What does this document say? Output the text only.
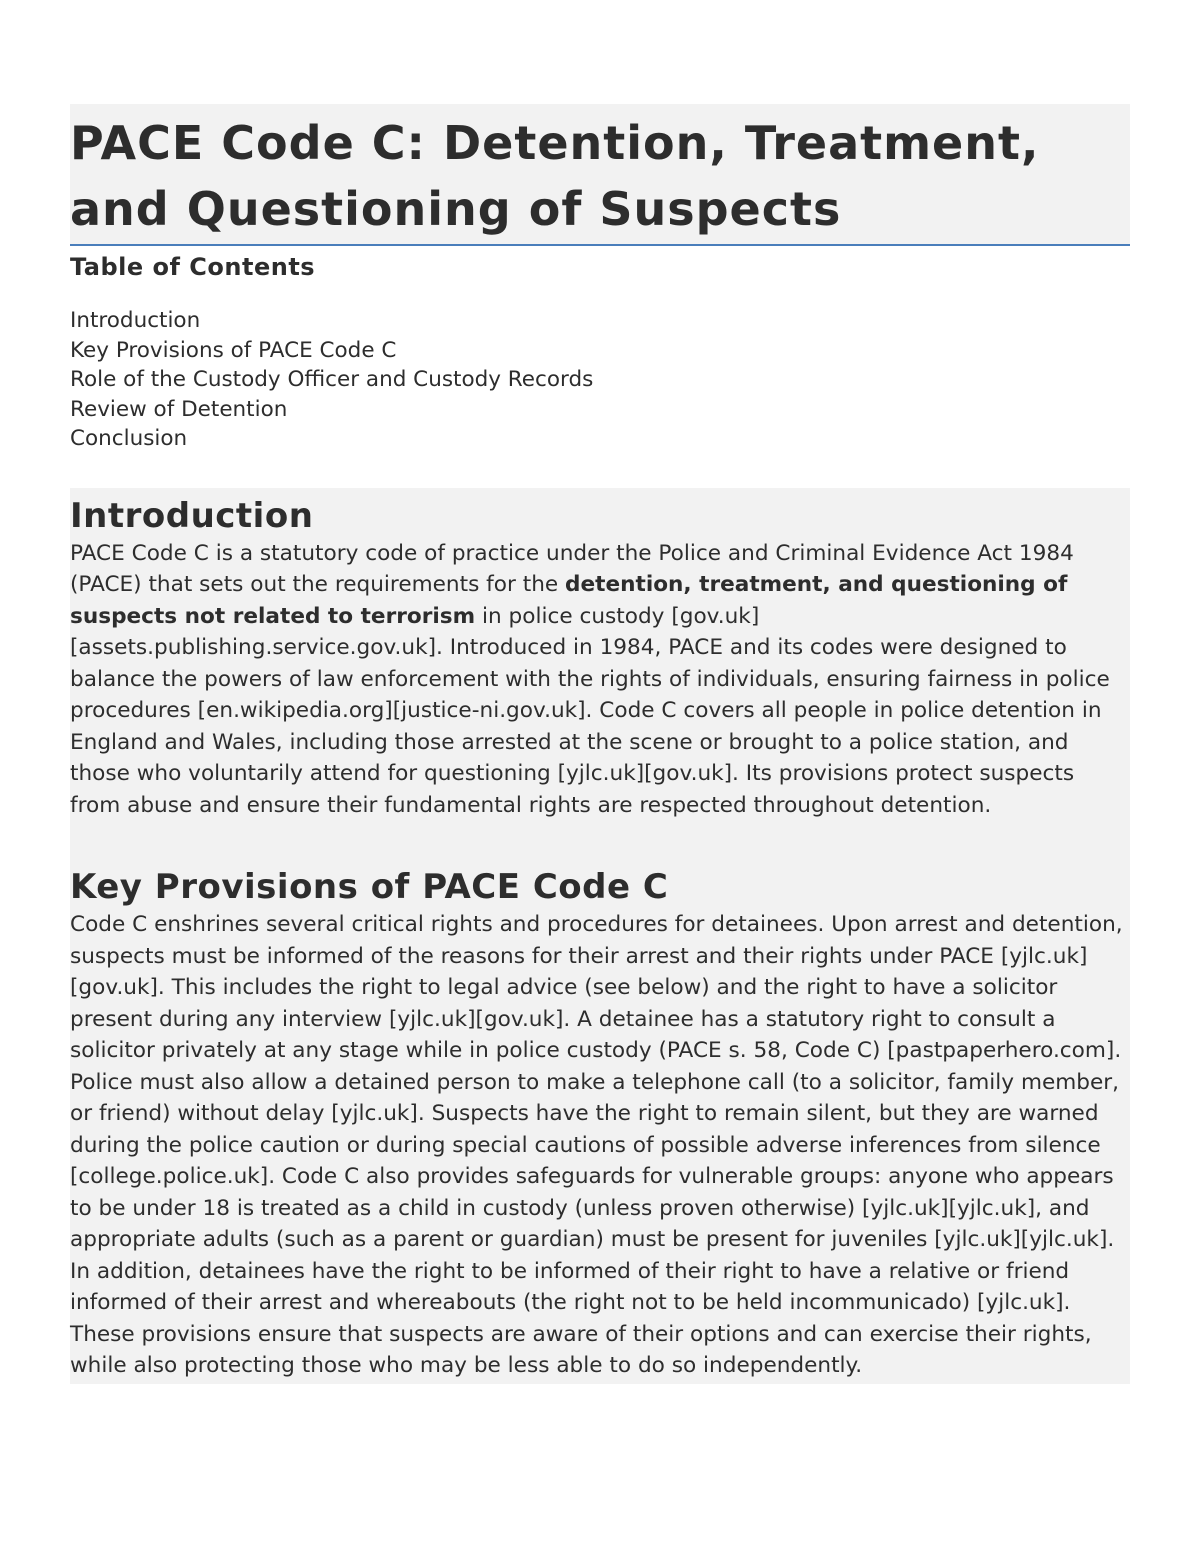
PACE Code C: Detention, Treatment, and Questioning of Suspects
Table of Contents
Introduction
Key Provisions of PACE Code C
Role of the Custody Officer and Custody Records
Review of Detention
Conclusion
Introduction

PACE Code C is a statutory code of practice under the Police and Criminal Evidence Act 1984 (PACE) that sets out the requirements for the detention, treatment, and questioning of suspects not related to terrorism in police custody [gov.uk][assets.publishing.service.gov.uk]. Introduced in 1984, PACE and its codes were designed to balance the powers of law enforcement with the rights of individuals, ensuring fairness in police procedures [en.wikipedia.org][justice-ni.gov.uk]. Code C covers all people in police detention in England and Wales, including those arrested at the scene or brought to a police station, and those who voluntarily attend for questioning [yjlc.uk][gov.uk]. Its provisions protect suspects from abuse and ensure their fundamental rights are respected throughout detention.

Key Provisions of PACE Code C

Code C enshrines several critical rights and procedures for detainees. Upon arrest and detention, suspects must be informed of the reasons for their arrest and their rights under PACE [yjlc.uk][gov.uk]. This includes the right to legal advice (see below) and the right to have a solicitor present during any interview [yjlc.uk][gov.uk]. A detainee has a statutory right to consult a solicitor privately at any stage while in police custody (PACE s. 58, Code C) [pastpaperhero.com]. Police must also allow a detained person to make a telephone call (to a solicitor, family member, or friend) without delay [yjlc.uk]. Suspects have the right to remain silent, but they are warned during the police caution or during special cautions of possible adverse inferences from silence [college.police.uk]. Code C also provides safeguards for vulnerable groups: anyone who appears to be under 18 is treated as a child in custody (unless proven otherwise) [yjlc.uk][yjlc.uk], and appropriate adults (such as a parent or guardian) must be present for juveniles [yjlc.uk][yjlc.uk]. In addition, detainees have the right to be informed of their right to have a relative or friend informed of their arrest and whereabouts (the right not to be held incommunicado) [yjlc.uk]. These provisions ensure that suspects are aware of their options and can exercise their rights, while also protecting those who may be less able to do so independently.
